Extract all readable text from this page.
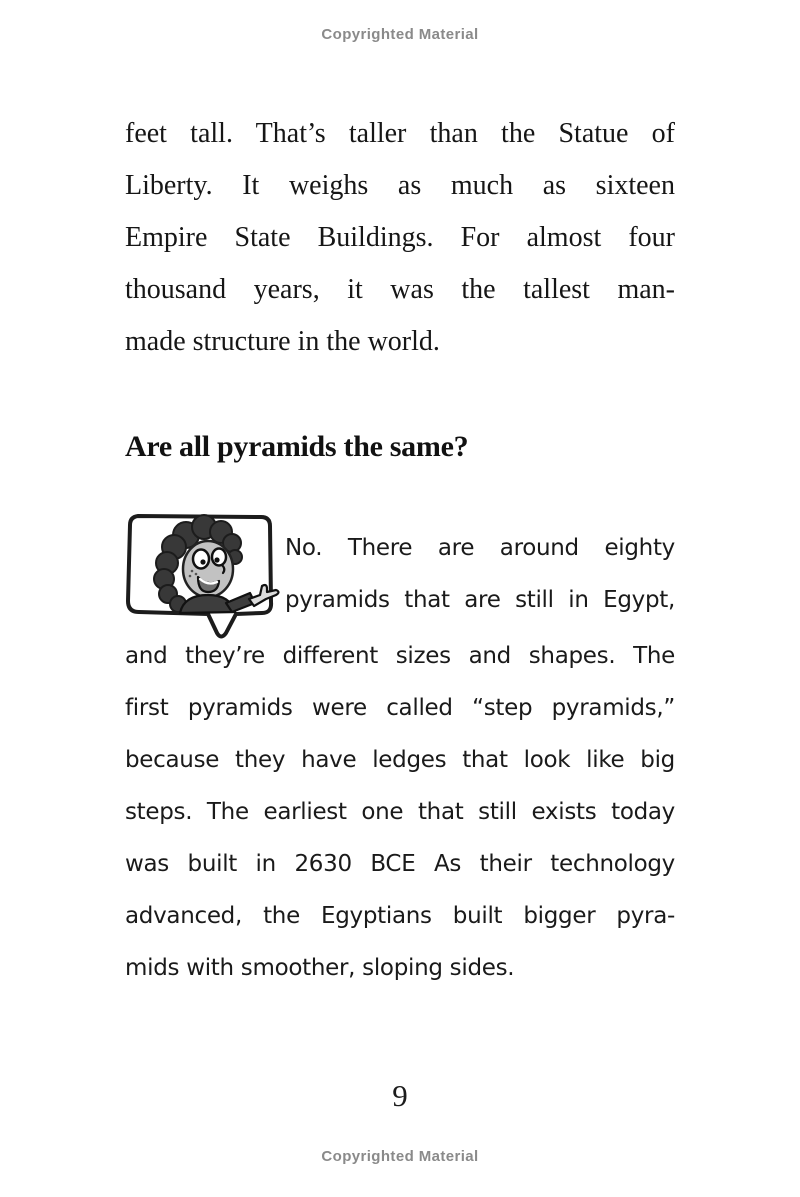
Copyrighted Material
feet tall. That’s taller than the Statue of
Liberty. It weighs as much as sixteen
Empire State Buildings. For almost four
thousand years, it was the tallest man-
made structure in the world.
Are all pyramids the same?
No. There are around eighty
pyramids that are still in Egypt,
and they’re different sizes and shapes. The
first pyramids were called “step pyramids,”
because they have ledges that look like big
steps. The earliest one that still exists today
was built in 2630 BCE As their technology
advanced, the Egyptians built bigger pyra-
mids with smoother, sloping sides.
9
Copyrighted Material
